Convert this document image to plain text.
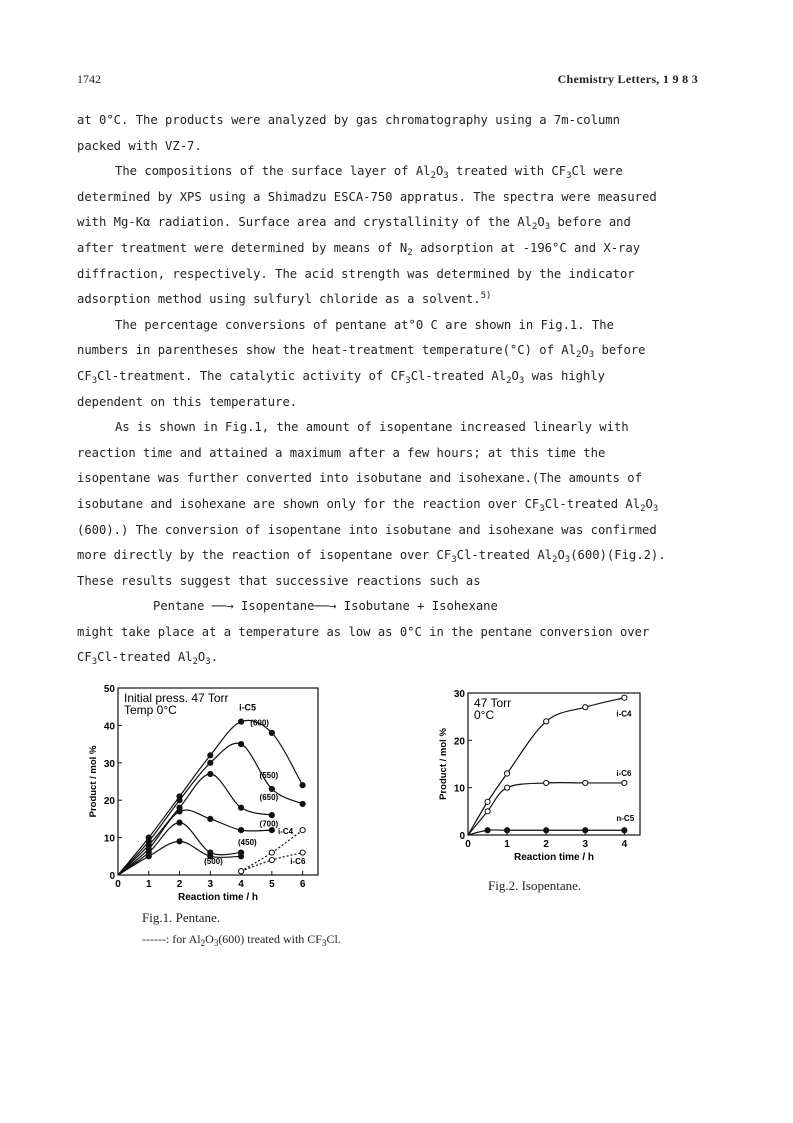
1742	Chemistry Letters, 1 9 8 3
at 0°C. The products were analyzed by gas chromatography using a 7m-column
packed with VZ-7.
The compositions of the surface layer of $Al_2O_3$ treated with $CF_3Cl$ were
determined by XPS using a Shimadzu ESCA-750 appratus. The spectra were measured
with Mg-Kα radiation. Surface area and crystallinity of the $Al_2O_3$ before and
after treatment were determined by means of $N_2$ adsorption at -196°C and X-ray
diffraction, respectively. The acid strength was determined by the indicator
adsorption method using sulfuryl chloride as a solvent.$^{5)}$
The percentage conversions of pentane at°0 C are shown in Fig.1. The
numbers in parentheses show the heat-treatment temperature(°C) of $Al_2O_3$ before
$CF_3Cl$-treatment. The catalytic activity of $CF_3Cl$-treated $Al_2O_3$ was highly
dependent on this temperature.
As is shown in Fig.1, the amount of isopentane increased linearly with
reaction time and attained a maximum after a few hours; at this time the
isopentane was further converted into isobutane and isohexane.(The amounts of
isobutane and isohexane are shown only for the reaction over $CF_3Cl$-treated $Al_2O_3$
(600).) The conversion of isopentane into isobutane and isohexane was confirmed
more directly by the reaction of isopentane over $CF_3Cl$-treated $Al_2O_3(600)(Fig.2)$.
These results suggest that successive reactions such as
Pentane ──→ Isopentane──→ Isobutane + Isohexane
might take place at a temperature as low as 0°C in the pentane conversion over
$CF_3Cl$-treated $Al_2O_3$.
0	1	2	3	4	5	6
0
10
20
30
40
50
Reaction time / h
Product / mol %
Initial press. 47 Torr
Temp 0°C
(600)
(550)
(650)
(700)
(450)
(500)
i-C4
i-C6
i-C5
Fig.1. Pentane.
------: for $Al_2O_3(600)$ treated with $CF_3Cl$.
0	1	2	3	4
0
10
20
30
Reaction time / h
Product / mol %
47 Torr
0°C	i-C4
i-C6
n-C5
Fig.2. Isopentane.
